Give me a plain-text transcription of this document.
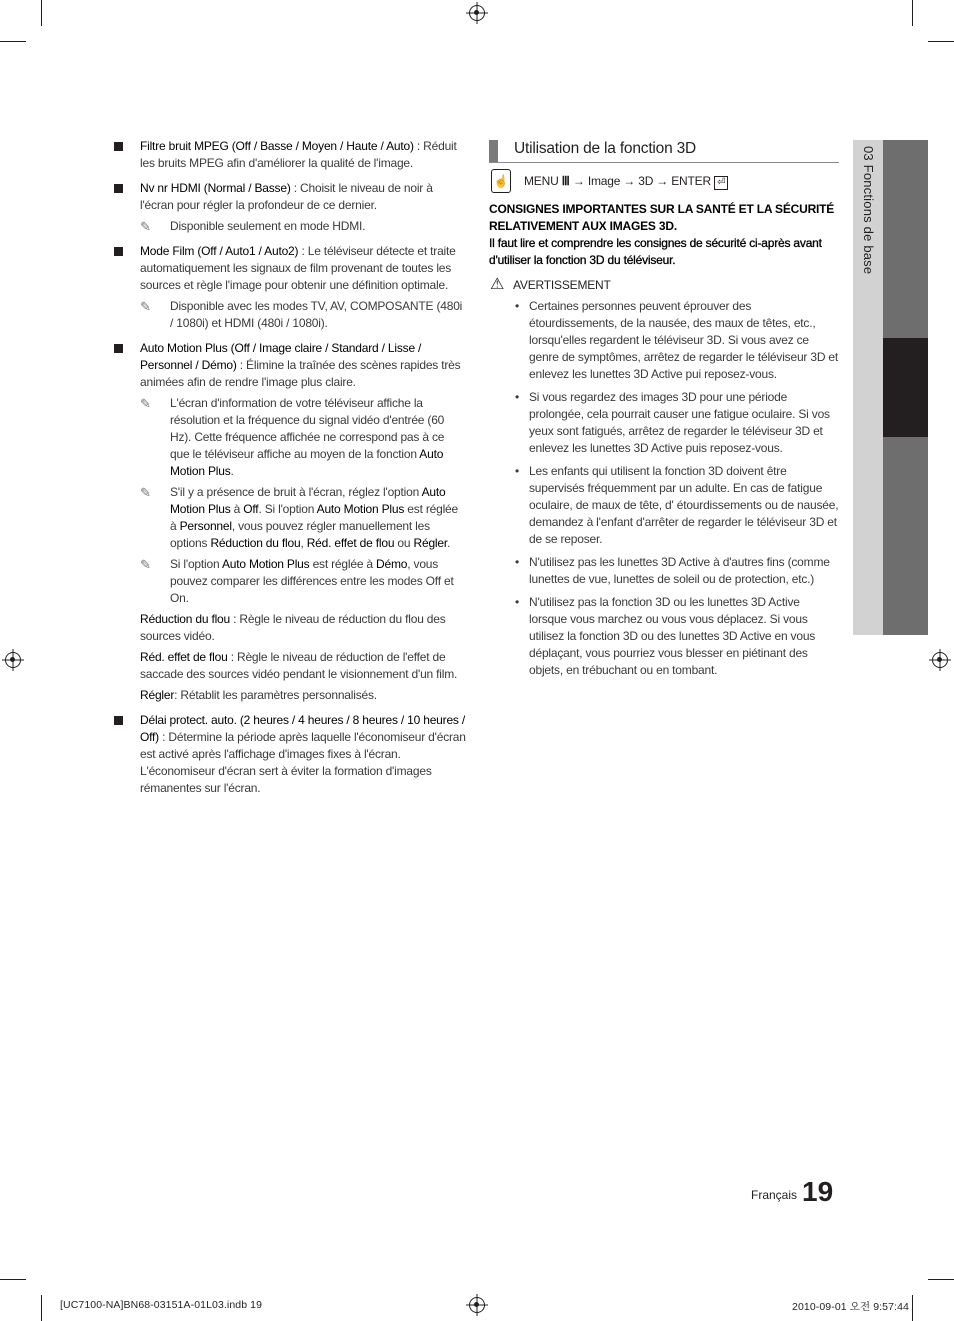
Filtre bruit MPEG (Off / Basse / Moyen / Haute / Auto) : Réduit les bruits MPEG afin d'améliorer la qualité de l'image.
Nv nr HDMI (Normal / Basse) : Choisit le niveau de noir à l'écran pour régler la profondeur de ce dernier.
✎ Disponible seulement en mode HDMI.
Mode Film (Off / Auto1 / Auto2) : Le téléviseur détecte et traite automatiquement les signaux de film provenant de toutes les sources et règle l'image pour obtenir une définition optimale.
✎ Disponible avec les modes TV, AV, COMPOSANTE (480i / 1080i) et HDMI (480i / 1080i).
Auto Motion Plus (Off / Image claire / Standard / Lisse / Personnel / Démo) : Élimine la traînée des scènes rapides très animées afin de rendre l'image plus claire.
✎ L'écran d'information de votre téléviseur affiche la résolution et la fréquence du signal vidéo d'entrée (60 Hz). Cette fréquence affichée ne correspond pas à ce que le téléviseur affiche au moyen de la fonction Auto Motion Plus.
✎ S'il y a présence de bruit à l'écran, réglez l'option Auto Motion Plus à Off. Si l'option Auto Motion Plus est réglée à Personnel, vous pouvez régler manuellement les options Réduction du flou, Réd. effet de flou ou Régler.
✎ Si l'option Auto Motion Plus est réglée à Démo, vous pouvez comparer les différences entre les modes Off et On.
Réduction du flou : Règle le niveau de réduction du flou des sources vidéo.
Réd. effet de flou : Règle le niveau de réduction de l'effet de saccade des sources vidéo pendant le visionnement d'un film.
Régler: Rétablit les paramètres personnalisés.
Délai protect. auto. (2 heures / 4 heures / 8 heures / 10 heures / Off) : Détermine la période après laquelle l'économiseur d'écran est activé après l'affichage d'images fixes à l'écran. L'économiseur d'écran sert à éviter la formation d'images rémanentes sur l'écran.
Utilisation de la fonction 3D
☝ MENU Ⅲ → Image → 3D → ENTER ⏎
CONSIGNES IMPORTANTES SUR LA SANTÉ ET LA SÉCURITÉ RELATIVEMENT AUX IMAGES 3D.
Il faut lire et comprendre les consignes de sécurité ci-après avant d'utiliser la fonction 3D du téléviseur.
⚠ AVERTISSEMENT
• Certaines personnes peuvent éprouver des étourdissements, de la nausée, des maux de têtes, etc., lorsqu'elles regardent le téléviseur 3D. Si vous avez ce genre de symptômes, arrêtez de regarder le téléviseur 3D et enlevez les lunettes 3D Active pui reposez-vous.
• Si vous regardez des images 3D pour une période prolongée, cela pourrait causer une fatigue oculaire. Si vos yeux sont fatigués, arrêtez de regarder le téléviseur 3D et enlevez les lunettes 3D Active puis reposez-vous.
• Les enfants qui utilisent la fonction 3D doivent être supervisés fréquemment par un adulte. En cas de fatigue oculaire, de maux de tête, d' étourdissements ou de nausée, demandez à l'enfant d'arrêter de regarder le téléviseur 3D et de se reposer.
• N'utilisez pas les lunettes 3D Active à d'autres fins (comme lunettes de vue, lunettes de soleil ou de protection, etc.)
• N'utilisez pas la fonction 3D ou les lunettes 3D Active lorsque vous marchez ou vous vous déplacez. Si vous utilisez la fonction 3D ou des lunettes 3D Active en vous déplaçant, vous pourriez vous blesser en piétinant des objets, en trébuchant ou en tombant.
03 Fonctions de base
Français 19
[UC7100-NA]BN68-03151A-01L03.indb 19	2010-09-01 오전 9:57:44
